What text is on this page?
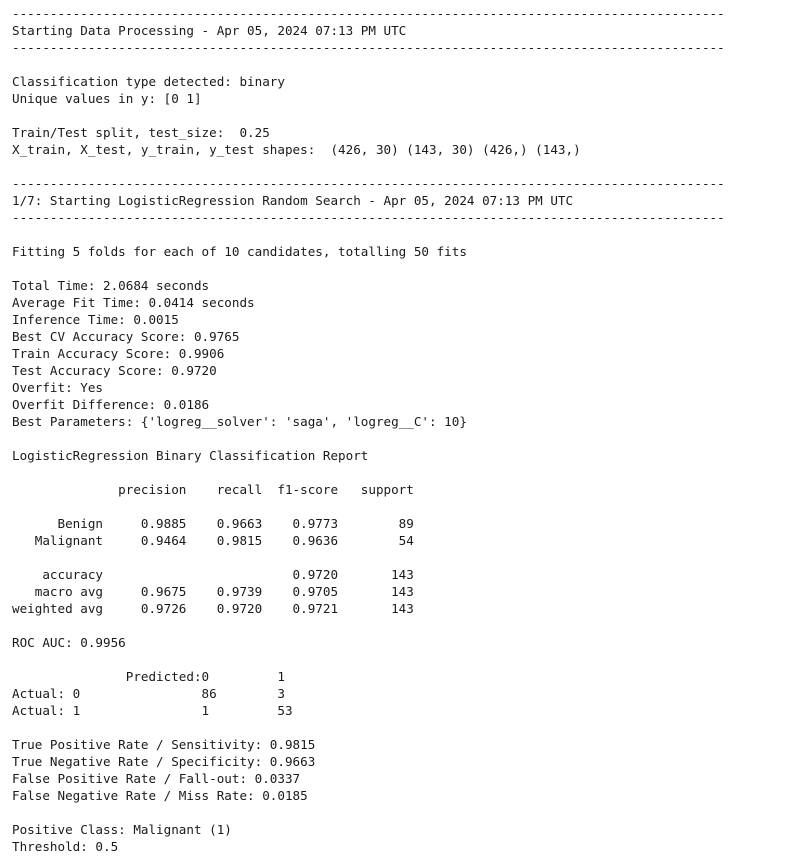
----------------------------------------------------------------------------------------------
Starting Data Processing - Apr 05, 2024 07:13 PM UTC
----------------------------------------------------------------------------------------------
Classification type detected: binary
Unique values in y: [0 1]
Train/Test split, test_size:  0.25
X_train, X_test, y_train, y_test shapes:  (426, 30) (143, 30) (426,) (143,)
----------------------------------------------------------------------------------------------
1/7: Starting LogisticRegression Random Search - Apr 05, 2024 07:13 PM UTC
----------------------------------------------------------------------------------------------
Fitting 5 folds for each of 10 candidates, totalling 50 fits
Total Time: 2.0684 seconds
Average Fit Time: 0.0414 seconds
Inference Time: 0.0015
Best CV Accuracy Score: 0.9765
Train Accuracy Score: 0.9906
Test Accuracy Score: 0.9720
Overfit: Yes
Overfit Difference: 0.0186
Best Parameters: {'logreg__solver': 'saga', 'logreg__C': 10}
LogisticRegression Binary Classification Report
precision    recall  f1-score   support
Benign     0.9885    0.9663    0.9773        89
Malignant     0.9464    0.9815    0.9636        54
accuracy                         0.9720       143
macro avg     0.9675    0.9739    0.9705       143
weighted avg     0.9726    0.9720    0.9721       143
ROC AUC: 0.9956
Predicted:0         1
Actual: 0                86        3
Actual: 1                1         53
True Positive Rate / Sensitivity: 0.9815
True Negative Rate / Specificity: 0.9663
False Positive Rate / Fall-out: 0.0337
False Negative Rate / Miss Rate: 0.0185
Positive Class: Malignant (1)
Threshold: 0.5
